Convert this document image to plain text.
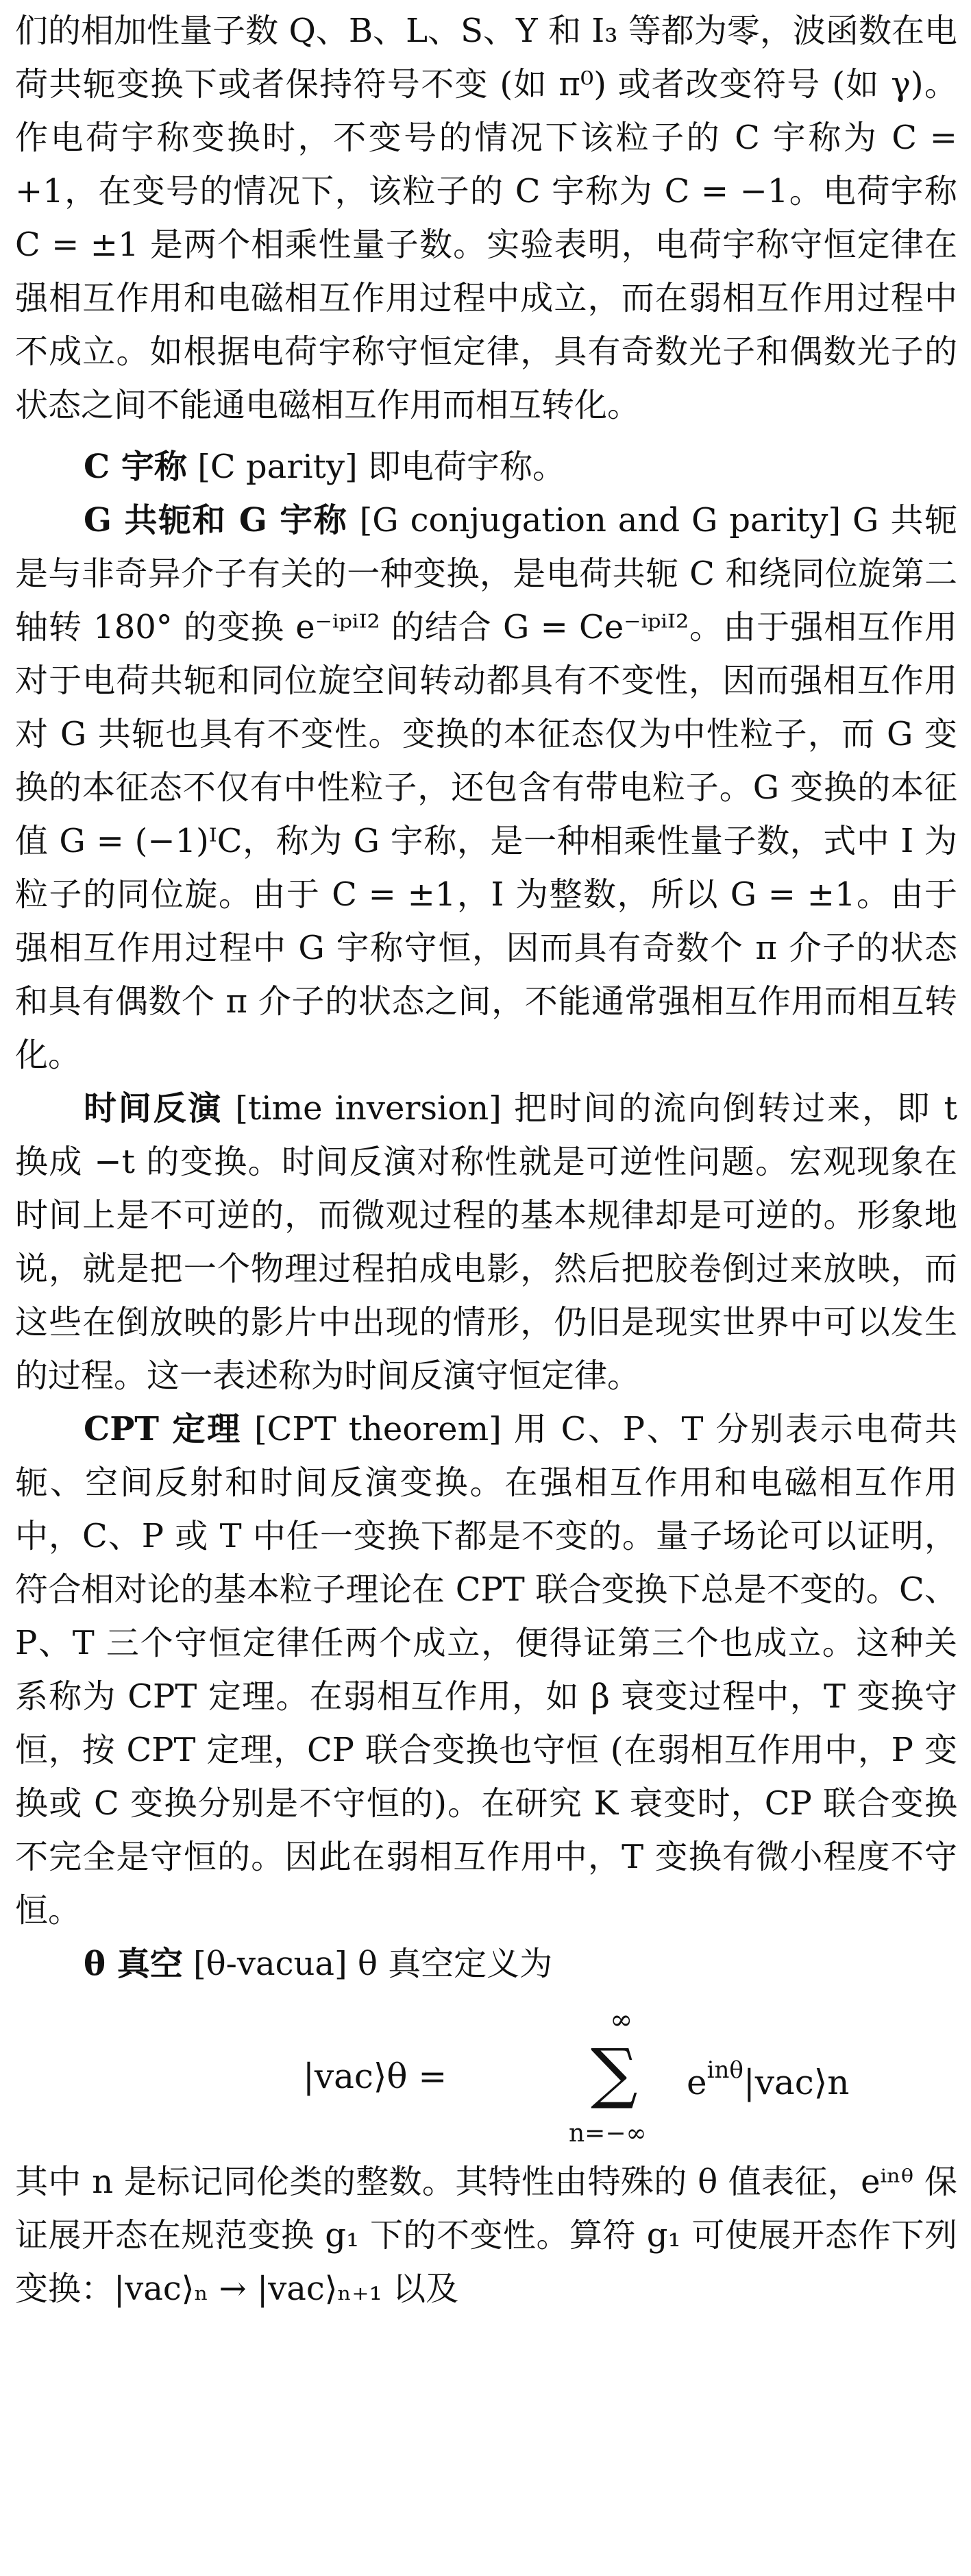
们的相加性量子数 Q、B、L、S、Y 和 I₃ 等都为零，波函数在电荷共轭变换下或者保持符号不变 (如 π⁰) 或者改变符号 (如 γ)。作电荷宇称变换时，不变号的情况下该粒子的 C 宇称为 C = +1，在变号的情况下，该粒子的 C 宇称为 C = −1。电荷宇称 C = ±1 是两个相乘性量子数。实验表明，电荷宇称守恒定律在强相互作用和电磁相互作用过程中成立，而在弱相互作用过程中不成立。如根据电荷宇称守恒定律，具有奇数光子和偶数光子的状态之间不能通电磁相互作用而相互转化。

C 宇称 [C parity] 即电荷宇称。

G 共轭和 G 宇称 [G conjugation and G parity] G 共轭是与非奇异介子有关的一种变换，是电荷共轭 C 和绕同位旋第二轴转 180° 的变换 e⁻ⁱᵖⁱᴵ² 的结合 G = Ce⁻ⁱᵖⁱᴵ²。由于强相互作用对于电荷共轭和同位旋空间转动都具有不变性，因而强相互作用对 G 共轭也具有不变性。变换的本征态仅为中性粒子，而 G 变换的本征态不仅有中性粒子，还包含有带电粒子。G 变换的本征值 G = (−1)ᴵC，称为 G 宇称，是一种相乘性量子数，式中 I 为粒子的同位旋。由于 C = ±1，I 为整数，所以 G = ±1。由于强相互作用过程中 G 宇称守恒，因而具有奇数个 π 介子的状态和具有偶数个 π 介子的状态之间，不能通常强相互作用而相互转化。

时间反演 [time inversion] 把时间的流向倒转过来，即 t 换成 −t 的变换。时间反演对称性就是可逆性问题。宏观现象在时间上是不可逆的，而微观过程的基本规律却是可逆的。形象地说，就是把一个物理过程拍成电影，然后把胶卷倒过来放映，而这些在倒放映的影片中出现的情形，仍旧是现实世界中可以发生的过程。这一表述称为时间反演守恒定律。

CPT 定理 [CPT theorem] 用 C、P、T 分别表示电荷共轭、空间反射和时间反演变换。在强相互作用和电磁相互作用中，C、P 或 T 中任一变换下都是不变的。量子场论可以证明，符合相对论的基本粒子理论在 CPT 联合变换下总是不变的。C、P、T 三个守恒定律任两个成立，便得证第三个也成立。这种关系称为 CPT 定理。在弱相互作用，如 β 衰变过程中，T 变换守恒，按 CPT 定理，CP 联合变换也守恒 (在弱相互作用中，P 变换或 C 变换分别是不守恒的)。在研究 K 衰变时，CP 联合变换不完全是守恒的。因此在弱相互作用中，T 变换有微小程度不守恒。

θ 真空 [θ-vacua] θ 真空定义为

|vac⟩θ =
∞
∑
n=−∞
$e^{in\theta}|vac⟩n$

其中 n 是标记同伦类的整数。其特性由特殊的 θ 值表征，eⁱⁿᶿ 保证展开态在规范变换 g₁ 下的不变性。算符 g₁ 可使展开态作下列变换：|vac⟩ₙ → |vac⟩ₙ₊₁ 以及
